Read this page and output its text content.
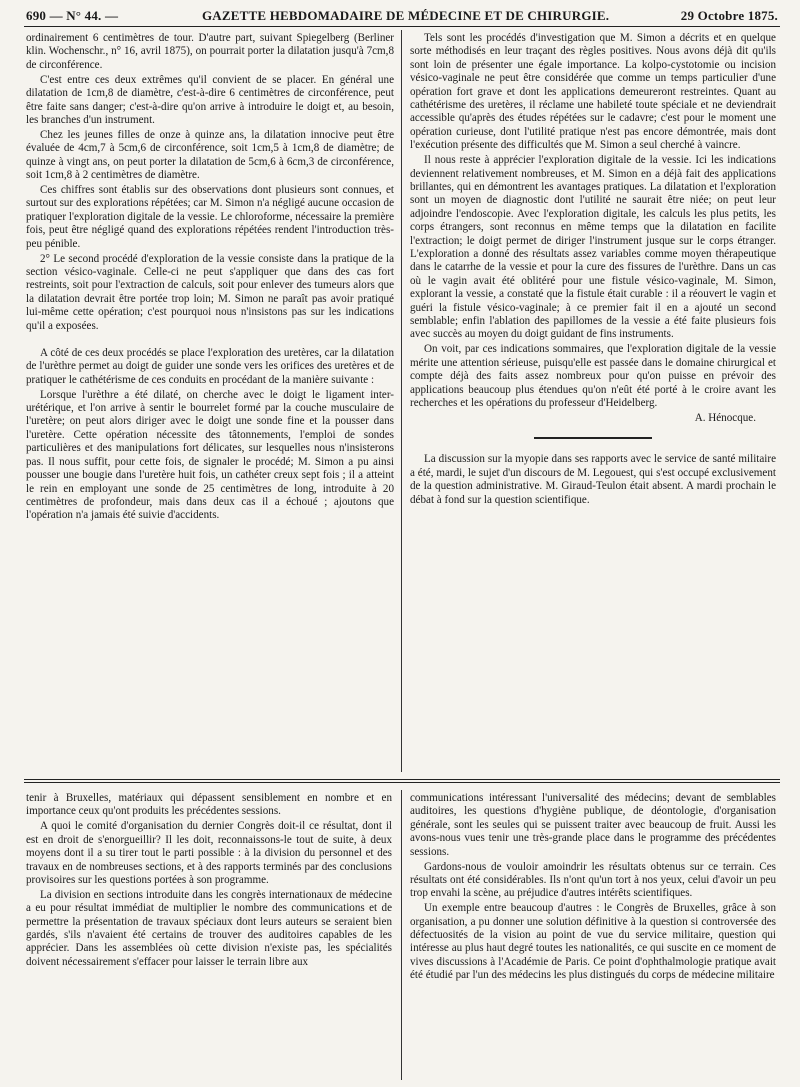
690 — N° 44. —	GAZETTE HEBDOMADAIRE DE MÉDECINE ET DE CHIRURGIE.	29 Octobre 1875.

ordinairement 6 centimètres de tour. D'autre part, suivant Spiegelberg (Berliner klin. Wochenschr., n° 16, avril 1875), on pourrait porter la dilatation jusqu'à 7cm,8 de circonférence.

C'est entre ces deux extrêmes qu'il convient de se placer. En général une dilatation de 1cm,8 de diamètre, c'est-à-dire 6 centimètres de circonférence, peut être faite sans danger; c'est-à-dire qu'on arrive à introduire le doigt et, au besoin, les branches d'un instrument.

Chez les jeunes filles de onze à quinze ans, la dilatation innocive peut être évaluée de 4cm,7 à 5cm,6 de circonférence, soit 1cm,5 à 1cm,8 de diamètre; de quinze à vingt ans, on peut porter la dilatation de 5cm,6 à 6cm,3 de circonférence, soit 1cm,8 à 2 centimètres de diamètre.

Ces chiffres sont établis sur des observations dont plusieurs sont connues, et surtout sur des explorations répétées; car M. Simon n'a négligé aucune occasion de pratiquer l'exploration digitale de la vessie. Le chloroforme, nécessaire la première fois, peut être négligé quand des explorations répétées rendent l'introduction très-peu pénible.

2° Le second procédé d'exploration de la vessie consiste dans la pratique de la section vésico-vaginale. Celle-ci ne peut s'appliquer que dans des cas fort restreints, soit pour l'extraction de calculs, soit pour enlever des tumeurs alors que la dilatation devrait être portée trop loin; M. Simon ne paraît pas avoir pratiqué lui-même cette opération; c'est pourquoi nous n'insistons pas sur les indications qu'il a exposées.

A côté de ces deux procédés se place l'exploration des uretères, car la dilatation de l'urèthre permet au doigt de guider une sonde vers les orifices des uretères et de pratiquer le cathétérisme de ces conduits en procédant de la manière suivante :

Lorsque l'urèthre a été dilaté, on cherche avec le doigt le ligament inter-urétérique, et l'on arrive à sentir le bourrelet formé par la couche musculaire de l'uretère; on peut alors diriger avec le doigt une sonde fine et la pousser dans l'uretère. Cette opération nécessite des tâtonnements, l'emploi de sondes particulières et des manipulations fort délicates, sur lesquelles nous n'insisterons pas. Il nous suffit, pour cette fois, de signaler le procédé; M. Simon a pu ainsi pousser une bougie dans l'uretère huit fois, un cathéter creux sept fois ; il a atteint le rein en employant une sonde de 25 centimètres de long, introduite à 20 centimètres de profondeur, mais dans deux cas il a échoué ; ajoutons que l'opération n'a jamais été suivie d'accidents.

Tels sont les procédés d'investigation que M. Simon a décrits et en quelque sorte méthodisés en leur traçant des règles positives. Nous avons déjà dit qu'ils sont loin de présenter une égale importance. La kolpo-cystotomie ou incision vésico-vaginale ne peut être considérée que comme un temps particulier d'une opération fort grave et dont les applications demeureront restreintes. Quant au cathétérisme des uretères, il réclame une habileté toute spéciale et ne deviendrait accessible qu'après des études répétées sur le cadavre; c'est pour le moment une opération curieuse, dont l'utilité pratique n'est pas encore démontrée, mais dont l'exécution présente des difficultés que M. Simon a seul cherché à vaincre.

Il nous reste à apprécier l'exploration digitale de la vessie. Ici les indications deviennent relativement nombreuses, et M. Simon en a déjà fait des applications brillantes, qui en démontrent les avantages pratiques. La dilatation et l'exploration sont un moyen de diagnostic dont l'utilité ne saurait être niée; on peut leur adjoindre l'endoscopie. Avec l'exploration digitale, les calculs les plus petits, les corps étrangers, sont reconnus en même temps que la dilatation en facilite l'extraction; le doigt permet de diriger l'instrument jusque sur le corps étranger. L'exploration a donné des résultats assez variables comme moyen thérapeutique dans le catarrhe de la vessie et pour la cure des fissures de l'urèthre. Dans un cas où le vagin avait été oblitéré pour une fistule vésico-vaginale, M. Simon, explorant la vessie, a constaté que la fistule était curable : il a réouvert le vagin et guéri la fistule vésico-vaginale; à ce premier fait il en a ajouté un second semblable; enfin l'ablation des papillomes de la vessie a été faite plusieurs fois avec succès au moyen du doigt guidant de fins instruments.

On voit, par ces indications sommaires, que l'exploration digitale de la vessie mérite une attention sérieuse, puisqu'elle est passée dans le domaine chirurgical et compte déjà des faits assez nombreux pour qu'on puisse en prévoir des applications beaucoup plus étendues qu'on n'eût été porté à le croire avant les recherches et les opérations du professeur d'Heidelberg.

A. Hénocque.

La discussion sur la myopie dans ses rapports avec le service de santé militaire a été, mardi, le sujet d'un discours de M. Legouest, qui s'est occupé exclusivement de la question administrative. M. Giraud-Teulon était absent. A mardi prochain le débat à fond sur la question scientifique.

tenir à Bruxelles, matériaux qui dépassent sensiblement en nombre et en importance ceux qu'ont produits les précédentes sessions.

A quoi le comité d'organisation du dernier Congrès doit-il ce résultat, dont il est en droit de s'enorgueillir? Il les doit, reconnaissons-le tout de suite, à deux moyens dont il a su tirer tout le parti possible : à la division du personnel et des travaux en de nombreuses sections, et à des rapports terminés par des conclusions provisoires sur les questions portées à son programme.

La division en sections introduite dans les congrès internationaux de médecine a eu pour résultat immédiat de multiplier le nombre des communications et de permettre la présentation de travaux spéciaux dont leurs auteurs se seraient bien gardés, s'ils n'avaient été certains de trouver des auditoires capables de les apprécier. Dans les assemblées où cette division n'existe pas, les spécialités doivent nécessairement s'effacer pour laisser le terrain libre aux

communications intéressant l'universalité des médecins; devant de semblables auditoires, les questions d'hygiène publique, de déontologie, d'organisation générale, sont les seules qui se puissent traiter avec beaucoup de fruit. Aussi les avons-nous vues tenir une très-grande place dans le programme des précédentes sessions.

Gardons-nous de vouloir amoindrir les résultats obtenus sur ce terrain. Ces résultats ont été considérables. Ils n'ont qu'un tort à nos yeux, celui d'avoir un peu trop envahi la scène, au préjudice d'autres intérêts scientifiques.

Un exemple entre beaucoup d'autres : le Congrès de Bruxelles, grâce à son organisation, a pu donner une solution définitive à la question si controversée des défectuosités de la vision au point de vue du service militaire, question qui intéresse au plus haut degré toutes les nationalités, ce qui suscite en ce moment de vives discussions à l'Académie de Paris. Ce point d'ophthalmologie pratique avait été étudié par l'un des médecins les plus distingués du corps de médecine militaire
